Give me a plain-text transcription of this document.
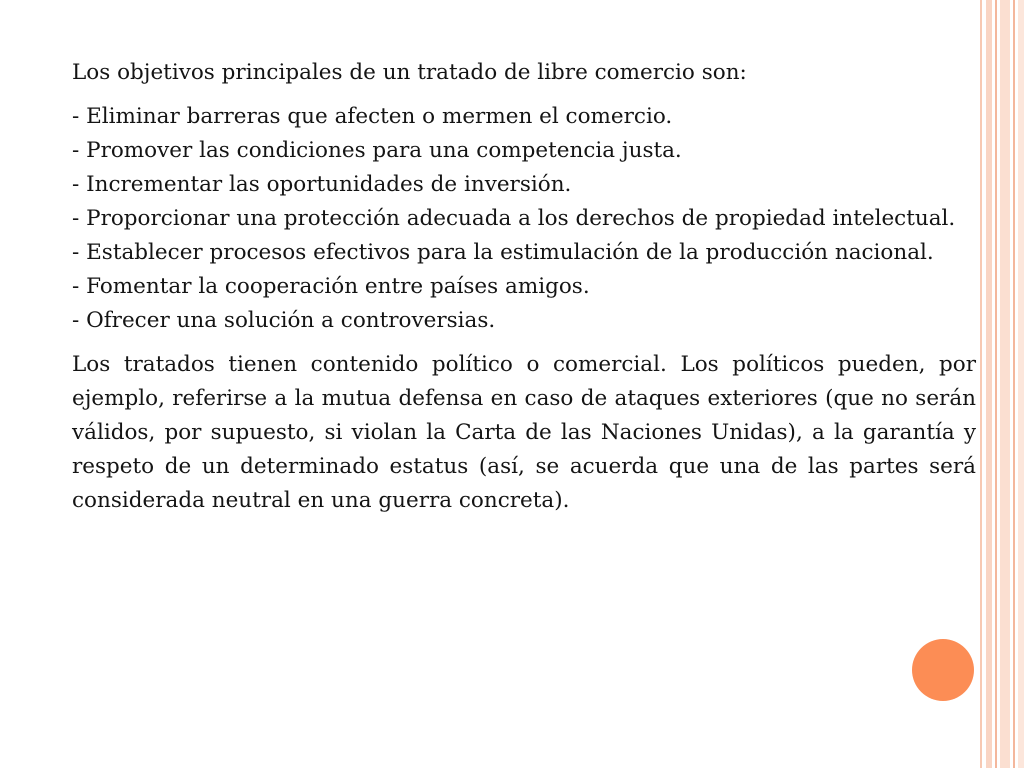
Los objetivos principales de un tratado de libre comercio son:

- Eliminar barreras que afecten o mermen el comercio.
- Promover las condiciones para una competencia justa.
- Incrementar las oportunidades de inversión.
- Proporcionar una protección adecuada a los derechos de propiedad intelectual.
- Establecer procesos efectivos para la estimulación de la producción nacional.
- Fomentar la cooperación entre países amigos.
- Ofrecer una solución a controversias.

Los tratados tienen contenido político o comercial. Los políticos pueden, por ejemplo, referirse a la mutua defensa en caso de ataques exteriores (que no serán válidos, por supuesto, si violan la Carta de las Naciones Unidas), a la garantía y respeto de un determinado estatus (así, se acuerda que una de las partes será considerada neutral en una guerra concreta).
